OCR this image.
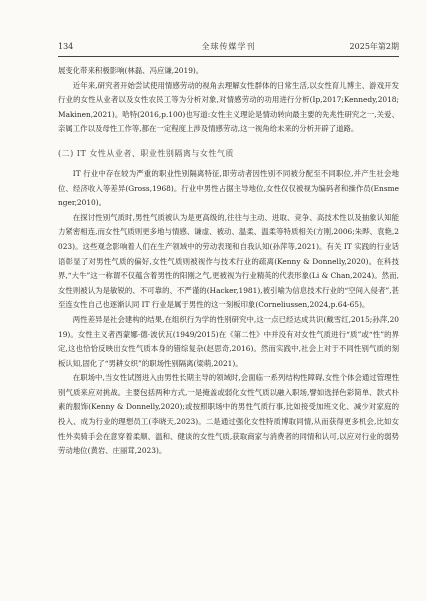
134	全球传媒学刊	2025年第2期

展变化带来积极影响(林磊、冯应谦,2019)。

近年来,研究者开始尝试使用情感劳动的视角去理解女性群体的日常生活,以女性育儿博主、游戏开发行业的女性从业者以及女性农民工等为分析对象,对情感劳动的功用进行分析(Ip,2017;Kennedy,2018;Makinen,2021)。哈特(2016,p.100)也写道:女性主义理论是情动转向最主要的先兆性研究之一,关爱、亲属工作以及母性工作等,都在一定程度上涉及情感劳动,这一视角给未来的分析开辟了道路。

(二) IT 女性从业者、职业性别隔离与女性气质

IT 行业中存在较为严重的职业性别隔离特征,即劳动者因性别不同被分配至不同职位,并产生社会地位、经济收入等差异(Gross,1968)。行业中男性占据主导地位,女性仅仅被视为编码者和操作员(Ensmenger,2010)。

在探讨性别气质时,男性气质被认为是更高级的,往往与主动、进取、竞争、高技术性以及抽象认知能力紧密相连,而女性气质则更多地与情感、谦虚、被动、温柔、温柔等特质相关(方刚,2006;朱晔、袁艳,2023)。这些观念影响着人们在生产领域中的劳动表现和自我认知(孙萍等,2021)。有关 IT 实践的行业话语彰显了对男性气质的偏好,女性气质则被视作与技术行业的疏离(Kenny & Donnelly,2020)。在科技界,“大牛”这一称谓不仅蕴含着男性的阳刚之气,更被视为行业精英的代表形象(Li & Chan,2024)。然而,女性则被认为是敏锐的、不可靠的、不严谨的(Hacker,1981),被引喻为信息技术行业的“空间入侵者”,甚至连女性自己也逐渐认同 IT 行业是属于男性的这一刻板印象(Corneliussen,2024,p.64-65)。

两性差异是社会建构的结果,在组织行为学的性别研究中,这一点已经达成共识(戴雪红,2015;孙萍,2019)。女性主义者西蒙娜·德·波伏瓦(1949/2015)在《第二性》中并没有对女性气质进行“质”或“性”的界定,这也恰恰反映出女性气质本身的错综复杂(赵思奇,2016)。然而实践中,社会上对于不同性别气质的刻板认知,固化了“男耕女织”的职场性别隔离(梁萌,2021)。

在职场中,当女性试图进入由男性长期主导的领域时,会面临一系列结构性障碍,女性个体会通过管理性别气质来应对挑战。主要包括两种方式,一是掩盖或弱化女性气质以融入职场,譬如选择色彩简单、款式朴素的服饰(Kenny & Donnelly,2020);或按照职场中的男性气质行事,比如接受加班文化、减少对家庭的投入、成为行业的理想员工(李晓天,2023)。二是通过强化女性特质博取同情,从而获得更多机会,比如女性外卖骑手会在意穿着柔顺、温和、健谈的女性气质,获取商家与消费者的同情和认可,以应对行业的弱势劳动地位(黄岩、庄丽茸,2023)。
